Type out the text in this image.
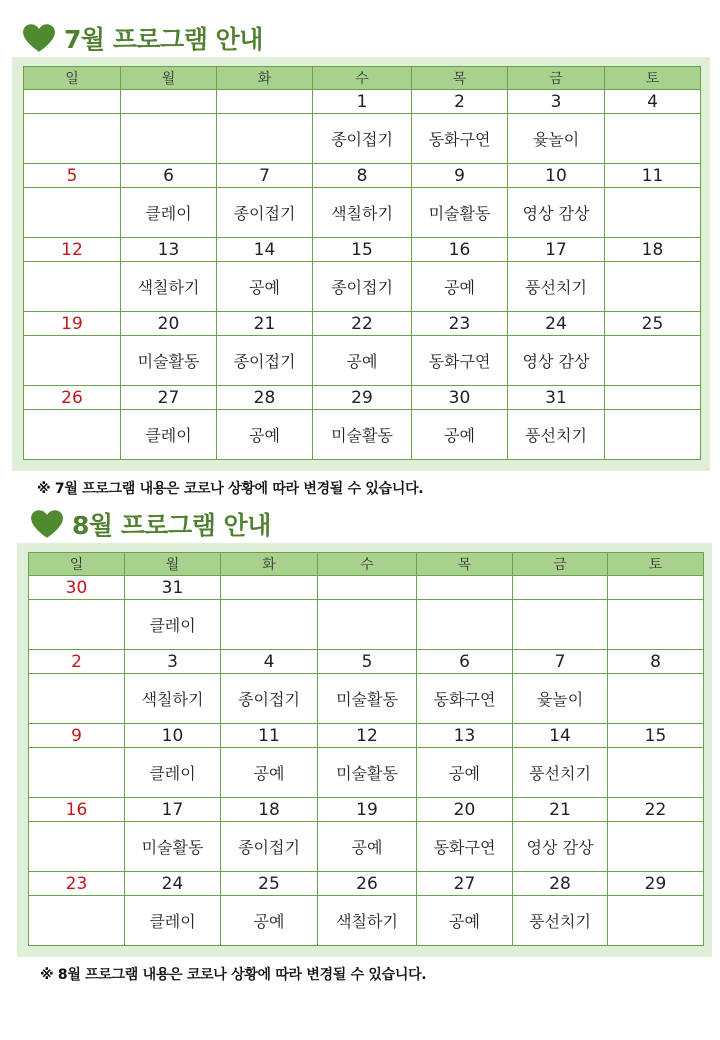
7월 프로그램 안내
일	월	화	수	목	금	토
			1	2	3	4
			종이접기	동화구연	윷놀이	
5	6	7	8	9	10	11
	클레이	종이접기	색칠하기	미술활동	영상 감상	
12	13	14	15	16	17	18
	색칠하기	공예	종이접기	공예	풍선치기	
19	20	21	22	23	24	25
	미술활동	종이접기	공예	동화구연	영상 감상	
26	27	28	29	30	31	
	클레이	공예	미술활동	공예	풍선치기	
※ 7월 프로그램 내용은 코로나 상황에 따라 변경될 수 있습니다.
8월 프로그램 안내
일	월	화	수	목	금	토
30	31					
	클레이					
2	3	4	5	6	7	8
	색칠하기	종이접기	미술활동	동화구연	윷놀이	
9	10	11	12	13	14	15
	클레이	공예	미술활동	공예	풍선치기	
16	17	18	19	20	21	22
	미술활동	종이접기	공예	동화구연	영상 감상	
23	24	25	26	27	28	29
	클레이	공예	색칠하기	공예	풍선치기	
※ 8월 프로그램 내용은 코로나 상황에 따라 변경될 수 있습니다.
